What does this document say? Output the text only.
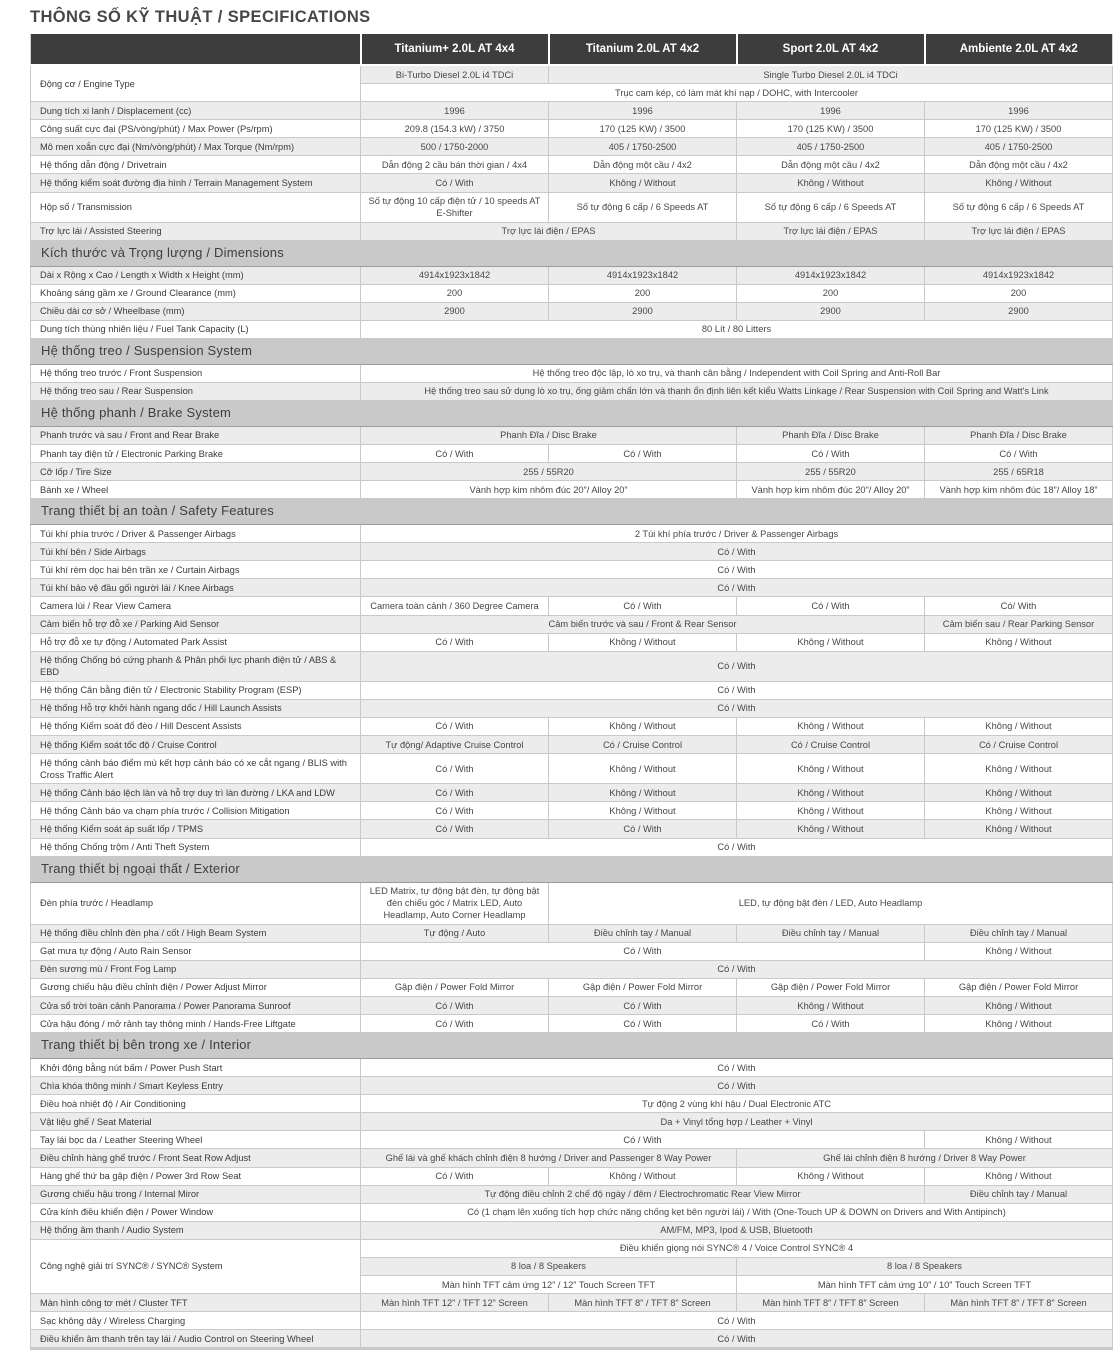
THÔNG SỐ KỸ THUẬT / SPECIFICATIONS
	Titanium+ 2.0L AT 4x4	Titanium 2.0L AT 4x2	Sport 2.0L AT 4x2	Ambiente 2.0L AT 4x2
Động cơ / Engine Type	Bi-Turbo Diesel 2.0L i4 TDCi	Single Turbo Diesel 2.0L i4 TDCi		
	Trục cam kép, có làm mát khí nạp / DOHC, with Intercooler			
Dung tích xi lanh / Displacement (cc)	1996	1996	1996	1996
Công suất cực đại (PS/vòng/phút) / Max Power (Ps/rpm)	209.8 (154.3 kW) / 3750	170 (125 KW) / 3500	170 (125 KW) / 3500	170 (125 KW) / 3500
Mô men xoắn cực đại (Nm/vòng/phút) / Max Torque (Nm/rpm)	500 / 1750-2000	405 / 1750-2500	405 / 1750-2500	405 / 1750-2500
Hệ thống dẫn động / Drivetrain	Dẫn động 2 cầu bán thời gian / 4x4	Dẫn động một cầu / 4x2	Dẫn động một cầu / 4x2	Dẫn động một cầu / 4x2
Hệ thống kiểm soát đường địa hình / Terrain Management System	Có / With	Không / Without	Không / Without	Không / Without
Hộp số / Transmission	Số tự động 10 cấp điện tử / 10 speeds AT E-Shifter	Số tự động 6 cấp / 6 Speeds AT	Số tự động 6 cấp / 6 Speeds AT	Số tự động 6 cấp / 6 Speeds AT
Trợ lực lái / Assisted Steering	Trợ lực lái điện / EPAS		Trợ lực lái điện / EPAS	Trợ lực lái điện / EPAS
Kích thước và Trọng lượng / Dimensions				
Dài x Rộng x Cao / Length x Width x Height (mm)	4914x1923x1842	4914x1923x1842	4914x1923x1842	4914x1923x1842
Khoảng sáng gầm xe / Ground Clearance (mm)	200	200	200	200
Chiều dài cơ sở / Wheelbase (mm)	2900	2900	2900	2900
Dung tích thùng nhiên liệu / Fuel Tank Capacity (L)	80 Lít / 80 Litters			
Hệ thống treo / Suspension System				
Hệ thống treo trước / Front Suspension	Hệ thống treo độc lập, lò xo trụ, và thanh cân bằng / Independent with Coil Spring and Anti-Roll Bar			
Hệ thống treo sau / Rear Suspension	Hệ thống treo sau sử dụng lò xo trụ, ống giảm chấn lớn và thanh ổn định liên kết kiểu Watts Linkage / Rear Suspension with Coil Spring and Watt's Link			
Hệ thống phanh / Brake System				
Phanh trước và sau / Front and Rear Brake	Phanh Đĩa / Disc Brake		Phanh Đĩa / Disc Brake	Phanh Đĩa / Disc Brake
Phanh tay điện tử / Electronic Parking Brake	Có / With	Có / With	Có / With	Có / With
Cỡ lốp / Tire Size	255 / 55R20		255 / 55R20	255 / 65R18
Bánh xe / Wheel	Vành hợp kim nhôm đúc 20”/ Alloy 20”		Vành hợp kim nhôm đúc 20”/ Alloy 20”	Vành hợp kim nhôm đúc 18”/ Alloy 18”
Trang thiết bị an toàn / Safety Features				
Túi khí phía trước / Driver & Passenger Airbags	2 Túi khí phía trước / Driver & Passenger Airbags			
Túi khí bên / Side Airbags	Có / With			
Túi khí rèm dọc hai bên trần xe / Curtain Airbags	Có / With			
Túi khí bảo vệ đầu gối người lái / Knee Airbags	Có / With			
Camera lùi / Rear View Camera	Camera toàn cảnh / 360 Degree Camera	Có / With	Có / With	Có/ With
Cảm biến hỗ trợ đỗ xe / Parking Aid Sensor	Cảm biến trước và sau / Front & Rear Sensor			Cảm biến sau / Rear Parking Sensor
Hỗ trợ đỗ xe tự động / Automated Park Assist	Có / With	Không / Without	Không / Without	Không / Without
Hệ thống Chống bó cứng phanh & Phân phối lực phanh điện tử / ABS & EBD	Có / With			
Hệ thống Cân bằng điện tử / Electronic Stability Program (ESP)	Có / With			
Hệ thống Hỗ trợ khởi hành ngang dốc / Hill Launch Assists	Có / With			
Hệ thống Kiểm soát đổ đèo / Hill Descent Assists	Có / With	Không / Without	Không / Without	Không / Without
Hệ thống Kiểm soát tốc độ / Cruise Control	Tự động/ Adaptive Cruise Control	Có / Cruise Control	Có / Cruise Control	Có / Cruise Control
Hệ thống cảnh báo điểm mù kết hợp cảnh báo có xe cắt ngang / BLIS with Cross Traffic Alert	Có / With	Không / Without	Không / Without	Không / Without
Hệ thống Cảnh báo lệch làn và hỗ trợ duy trì làn đường / LKA and LDW	Có / With	Không / Without	Không / Without	Không / Without
Hệ thống Cảnh báo va chạm phía trước / Collision Mitigation	Có / With	Không / Without	Không / Without	Không / Without
Hệ thống Kiểm soát áp suất lốp / TPMS	Có / With	Có / With	Không / Without	Không / Without
Hệ thống Chống trộm / Anti Theft System	Có / With			
Trang thiết bị ngoại thất / Exterior				
Đèn phía trước / Headlamp	LED Matrix, tự động bật đèn, tự động bật đèn chiếu góc / Matrix LED, Auto Headlamp, Auto Corner Headlamp	LED, tự động bật đèn / LED, Auto Headlamp		
Hệ thống điều chỉnh đèn pha / cốt / High Beam System	Tự động / Auto	Điều chỉnh tay / Manual	Điều chỉnh tay / Manual	Điều chỉnh tay / Manual
Gạt mưa tự động / Auto Rain Sensor	Có / With			Không / Without
Đèn sương mù / Front Fog Lamp	Có / With			
Gương chiếu hậu điều chỉnh điện / Power Adjust Mirror	Gập điện / Power Fold Mirror	Gập điện / Power Fold Mirror	Gập điện / Power Fold Mirror	Gập điện / Power Fold Mirror
Cửa sổ trời toàn cảnh Panorama / Power Panorama Sunroof	Có / With	Có / With	Không / Without	Không / Without
Cửa hậu đóng / mở rảnh tay thông minh / Hands-Free Liftgate	Có / With	Có / With	Có / With	Không / Without
Trang thiết bị bên trong xe / Interior				
Khởi động bằng nút bấm / Power Push Start	Có / With			
Chìa khóa thông minh / Smart Keyless Entry	Có / With			
Điều hoà nhiệt độ / Air Conditioning	Tự động 2 vùng khí hậu / Dual Electronic ATC			
Vật liệu ghế / Seat Material	Da + Vinyl tổng hợp / Leather + Vinyl			
Tay lái bọc da / Leather Steering Wheel	Có / With			Không / Without
Điều chỉnh hàng ghế trước / Front Seat Row Adjust	Ghế lái và ghế khách chỉnh điện 8 hướng / Driver and Passenger 8 Way Power		Ghế lái chỉnh điện 8 hướng / Driver 8 Way Power	
Hàng ghế thứ ba gập điện / Power 3rd Row Seat	Có / With	Không / Without	Không / Without	Không / Without
Gương chiếu hậu trong / Internal Miror	Tự động điều chỉnh 2 chế độ ngày / đêm / Electrochromatic Rear View Mirror			Điều chỉnh tay / Manual
Cửa kính điều khiển điện / Power Window	Có (1 chạm lên xuống tích hợp chức năng chống kẹt bên người lái) / With (One-Touch UP & DOWN on Drivers and With Antipinch)			
Hệ thống âm thanh / Audio System	AM/FM, MP3, Ipod & USB, Bluetooth			
Công nghệ giải trí SYNC® / SYNC® System	Điều khiển giọng nói SYNC® 4 / Voice Control SYNC® 4			
	8 loa / 8 Speakers		8 loa / 8 Speakers	
	Màn hình TFT cảm ứng 12” / 12” Touch Screen TFT		Màn hình TFT cảm ứng 10” / 10” Touch Screen TFT	
Màn hình công tơ mét / Cluster TFT	Màn hình TFT 12” / TFT 12” Screen	Màn hình TFT 8” / TFT 8” Screen	Màn hình TFT 8” / TFT 8” Screen	Màn hình TFT 8” / TFT 8” Screen
Sạc không dây / Wireless Charging	Có / With			
Điều khiển âm thanh trên tay lái / Audio Control on Steering Wheel	Có / With			
